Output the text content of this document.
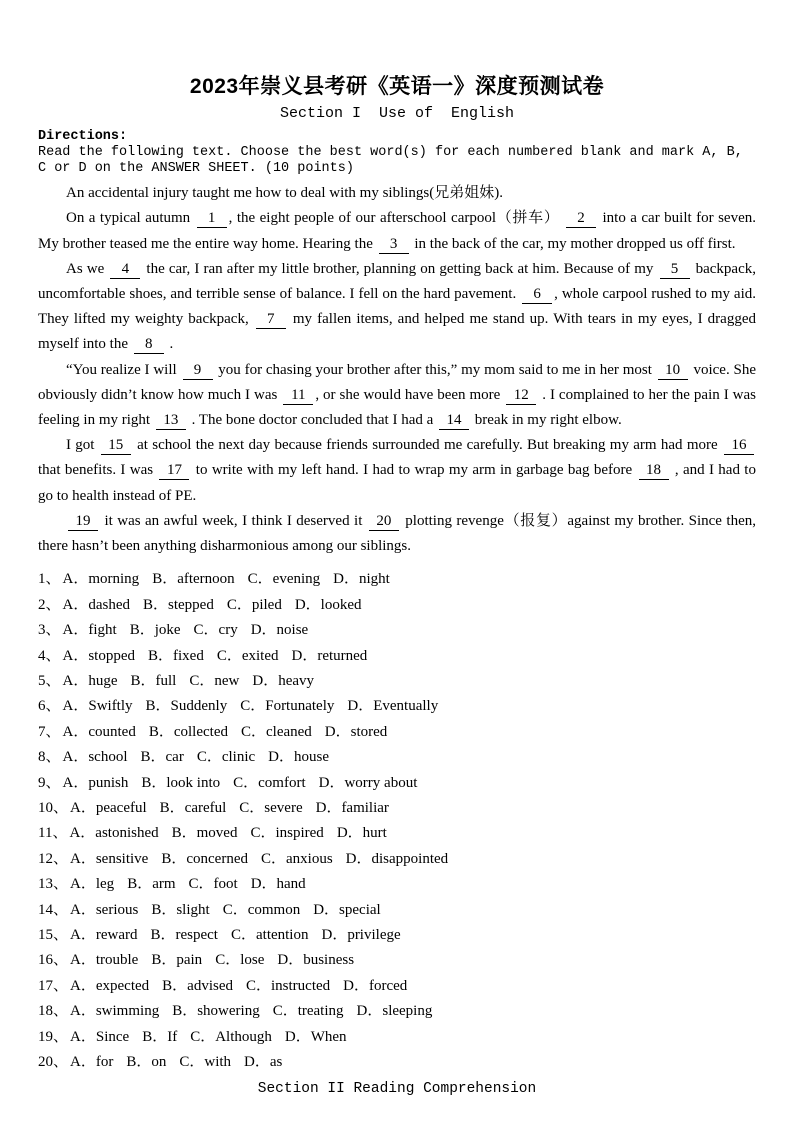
2023年崇义县考研《英语一》深度预测试卷
Section I  Use of  English
Directions:
Read the following text. Choose the best word(s) for each numbered blank and mark A, B, C or D on the ANSWER SHEET. (10 points)

An accidental injury taught me how to deal with my siblings(兄弟姐妹).

On a typical autumn 1 , the eight people of our afterschool carpool（拼车） 2 into a car built for seven. My brother teased me the entire way home. Hearing the 3 in the back of the car, my mother dropped us off first.

As we 4 the car, I ran after my little brother, planning on getting back at him. Because of my 5 backpack, uncomfortable shoes, and terrible sense of balance. I fell on the hard pavement. 6 , whole carpool rushed to my aid. They lifted my weighty backpack, 7 my fallen items, and helped me stand up. With tears in my eyes, I dragged myself into the 8 .

“You realize I will 9 you for chasing your brother after this,” my mom said to me in her most 10 voice. She obviously didn’t know how much I was 11 , or she would have been more 12 . I complained to her the pain I was feeling in my right 13 . The bone doctor concluded that I had a 14 break in my right elbow.

I got 15 at school the next day because friends surrounded me carefully. But breaking my arm had more 16 that benefits. I was 17 to write with my left hand. I had to wrap my arm in garbage bag before 18 , and I had to go to health instead of PE.

19 it was an awful week, I think I deserved it 20 plotting revenge（报复）against my brother. Since then, there hasn’t been anything disharmonious among our siblings.

1、 A．morning B．afternoon C．evening D．night
2、 A．dashed B．stepped C．piled D．looked
3、 A．fight B．joke C．cry D．noise
4、 A．stopped B．fixed C．exited D．returned
5、 A．huge B．full C．new D．heavy
6、 A．Swiftly B．Suddenly C．Fortunately D．Eventually
7、 A．counted B．collected C．cleaned D．stored
8、 A．school B．car C．clinic D．house
9、 A．punish B．look into C．comfort D．worry about
10、 A．peaceful B．careful C．severe D．familiar
11、 A．astonished B．moved C．inspired D．hurt
12、 A．sensitive B．concerned C．anxious D．disappointed
13、 A．leg B．arm C．foot D．hand
14、 A．serious B．slight C．common D．special
15、 A．reward B．respect C．attention D．privilege
16、 A．trouble B．pain C．lose D．business
17、 A．expected B．advised C．instructed D．forced
18、 A．swimming B．showering C．treating D．sleeping
19、 A．Since B．If C．Although D．When
20、 A．for B．on C．with D．as
Section II Reading Comprehension
